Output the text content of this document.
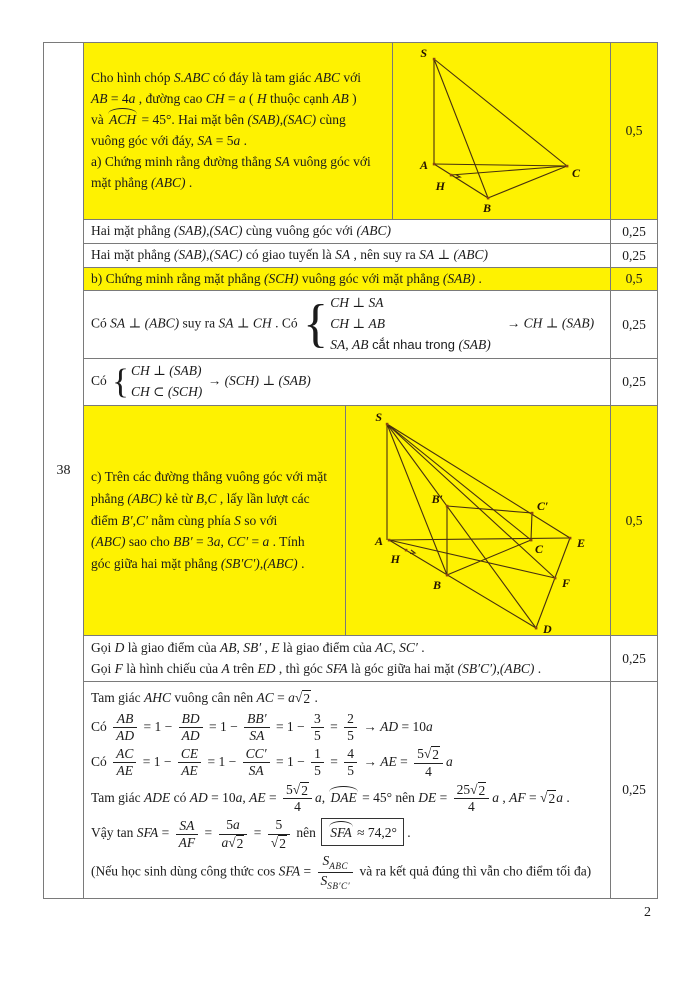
38
Cho hình chóp S.ABC có đáy là tam giác ABC với
AB = 4a , đường cao CH = a ( H thuộc cạnh AB )
và ACH = 45°. Hai mặt bên (SAB),(SAC) cùng
vuông góc với đáy, SA = 5a .
a) Chứng minh rằng đường thẳng SA vuông góc với
mặt phẳng (ABC) .
S
A
H
B
C
0,5
Hai mặt phẳng (SAB),(SAC) cùng vuông góc với (ABC)	0,25
Hai mặt phẳng (SAB),(SAC) có giao tuyến là SA , nên suy ra SA ⊥ (ABC)	0,25
b) Chứng minh rằng mặt phẳng (SCH) vuông góc với mặt phẳng (SAB) .	0,5
Có SA ⊥ (ABC) suy ra SA ⊥ CH . Có { CH ⊥ SA
CH ⊥ AB
SA, AB cắt nhau trong (SAB)
→ CH ⊥ (SAB) 0,25
Có { CH ⊥ (SAB)
CH ⊂ (SCH)
→ (SCH) ⊥ (SAB)	0,25
c) Trên các đường thẳng vuông góc với mặt
phẳng (ABC) kẻ từ B,C , lấy lần lượt các
điểm B′,C′ nằm cùng phía S so với
(ABC) sao cho BB′ = 3a, CC′ = a . Tính
góc giữa hai mặt phẳng (SB′C′),(ABC) .
S
B′	C′
A
H
C	E
B	F
D
0,5
Gọi D là giao điểm của AB, SB′ , E là giao điểm của AC, SC′ .
Gọi F là hình chiếu của A trên ED , thì góc SFA là góc giữa hai mặt (SB′C′),(ABC) .
0,25
Tam giác AHC vuông cân nên AC = a √ 2 .
Có $\frac{AB}{AD} = 1 - \frac{BD}{AD} = 1 - \frac{BB'}{SA} = 1 - \frac{3}{5} = \frac{2}{5}$ → AD = 10a
Có $\frac{AC}{AE} = 1 - \frac{CE}{AE} = 1 - \frac{CC'}{SA} = 1 - \frac{1}{5} = \frac{4}{5}$ → AE = $\frac{5 √ 2}{4}$ a
Tam giác ADE có AD = 10a, AE = $\frac{5 √ 2}{4} a$, DAE = 45° nên DE = $\frac{25 √ 2}{4}$ a , AF = √ 2 a .
Vậy tan SFA = $\frac{SA}{AF} = \frac{5a}{a √ 2} = \frac{5}{√ 2}$ nên SFA ≈ 74,2° .
(Nếu học sinh dùng công thức cos SFA = $\frac{S_{ABC}}{S_{SB'C'}}$ và ra kết quả đúng thì vẫn cho điểm tối đa)
0,25
2
